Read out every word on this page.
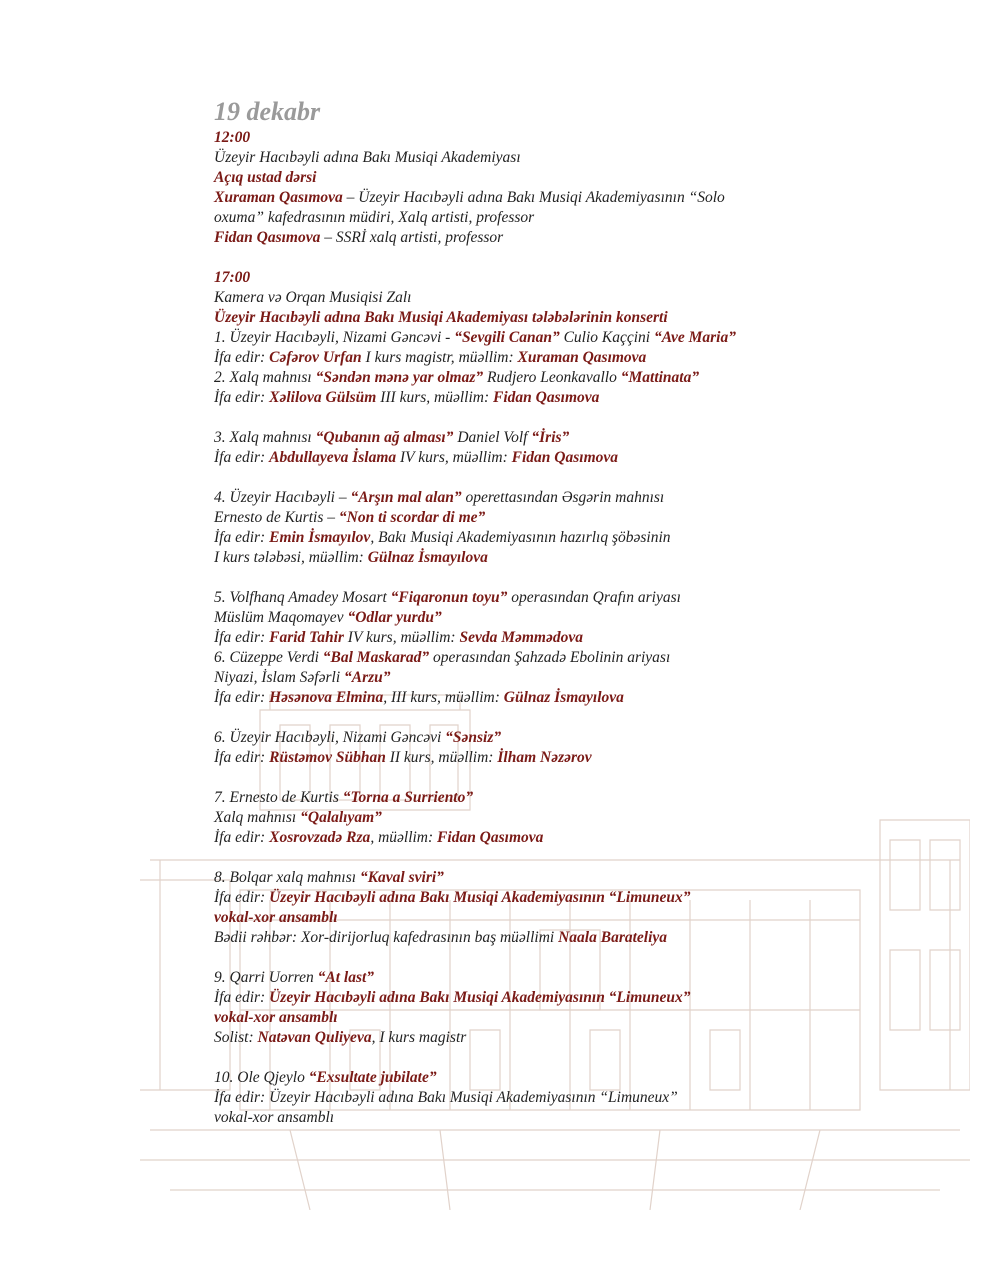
19 dekabr
12:00
Üzeyir Hacıbəyli adına Bakı Musiqi Akademiyası
Açıq ustad dərsi
Xuraman Qasımova – Üzeyir Hacıbəyli adına Bakı Musiqi Akademiyasının “Solo
oxuma” kafedrasının müdiri, Xalq artisti, professor
Fidan Qasımova – SSRİ xalq artisti, professor
17:00
Kamera və Orqan Musiqisi Zalı
Üzeyir Hacıbəyli adına Bakı Musiqi Akademiyası tələbələrinin konserti
1. Üzeyir Hacıbəyli, Nizami Gəncəvi - “Sevgili Canan” Culio Kaççini “Ave Maria”
İfa edir: Cəfərov Urfan I kurs magistr, müəllim: Xuraman Qasımova
2. Xalq mahnısı “Səndən mənə yar olmaz” Rudjero Leonkavallo “Mattinata”
İfa edir: Xəlilova Gülsüm III kurs, müəllim: Fidan Qasımova
3. Xalq mahnısı “Qubanın ağ alması” Daniel Volf “İris”
İfa edir: Abdullayeva İslama IV kurs, müəllim: Fidan Qasımova
4. Üzeyir Hacıbəyli – “Arşın mal alan” operettasından Əsgərin mahnısı
Ernesto de Kurtis – “Non ti scordar di me”
İfa edir: Emin İsmayılov, Bakı Musiqi Akademiyasının hazırlıq şöbəsinin
I kurs tələbəsi, müəllim: Gülnaz İsmayılova
5. Volfhanq Amadey Mosart “Fiqaronun toyu” operasından Qrafın ariyası
Müslüm Maqomayev “Odlar yurdu”
İfa edir: Farid Tahir IV kurs, müəllim: Sevda Məmmədova
6. Cüzeppe Verdi “Bal Maskarad” operasından Şahzadə Ebolinin ariyası
Niyazi, İslam Səfərli “Arzu”
İfa edir: Həsənova Elmina, III kurs, müəllim: Gülnaz İsmayılova
6. Üzeyir Hacıbəyli, Nizami Gəncəvi “Sənsiz”
İfa edir: Rüstəmov Sübhan II kurs, müəllim: İlham Nəzərov
7. Ernesto de Kurtis “Torna a Surriento”
Xalq mahnısı “Qalalıyam”
İfa edir: Xosrovzadə Rza, müəllim: Fidan Qasımova
8. Bolqar xalq mahnısı “Kaval sviri”
İfa edir: Üzeyir Hacıbəyli adına Bakı Musiqi Akademiyasının “Limuneux”
vokal-xor ansamblı
Bədii rəhbər: Xor-dirijorluq kafedrasının baş müəllimi Naala Barateliya
9. Qarri Uorren “At last”
İfa edir: Üzeyir Hacıbəyli adına Bakı Musiqi Akademiyasının “Limuneux”
vokal-xor ansamblı
Solist: Natəvan Quliyeva, I kurs magistr
10. Ole Qjeylo “Exsultate jubilate”
İfa edir: Üzeyir Hacıbəyli adına Bakı Musiqi Akademiyasının “Limuneux”
vokal-xor ansamblı
